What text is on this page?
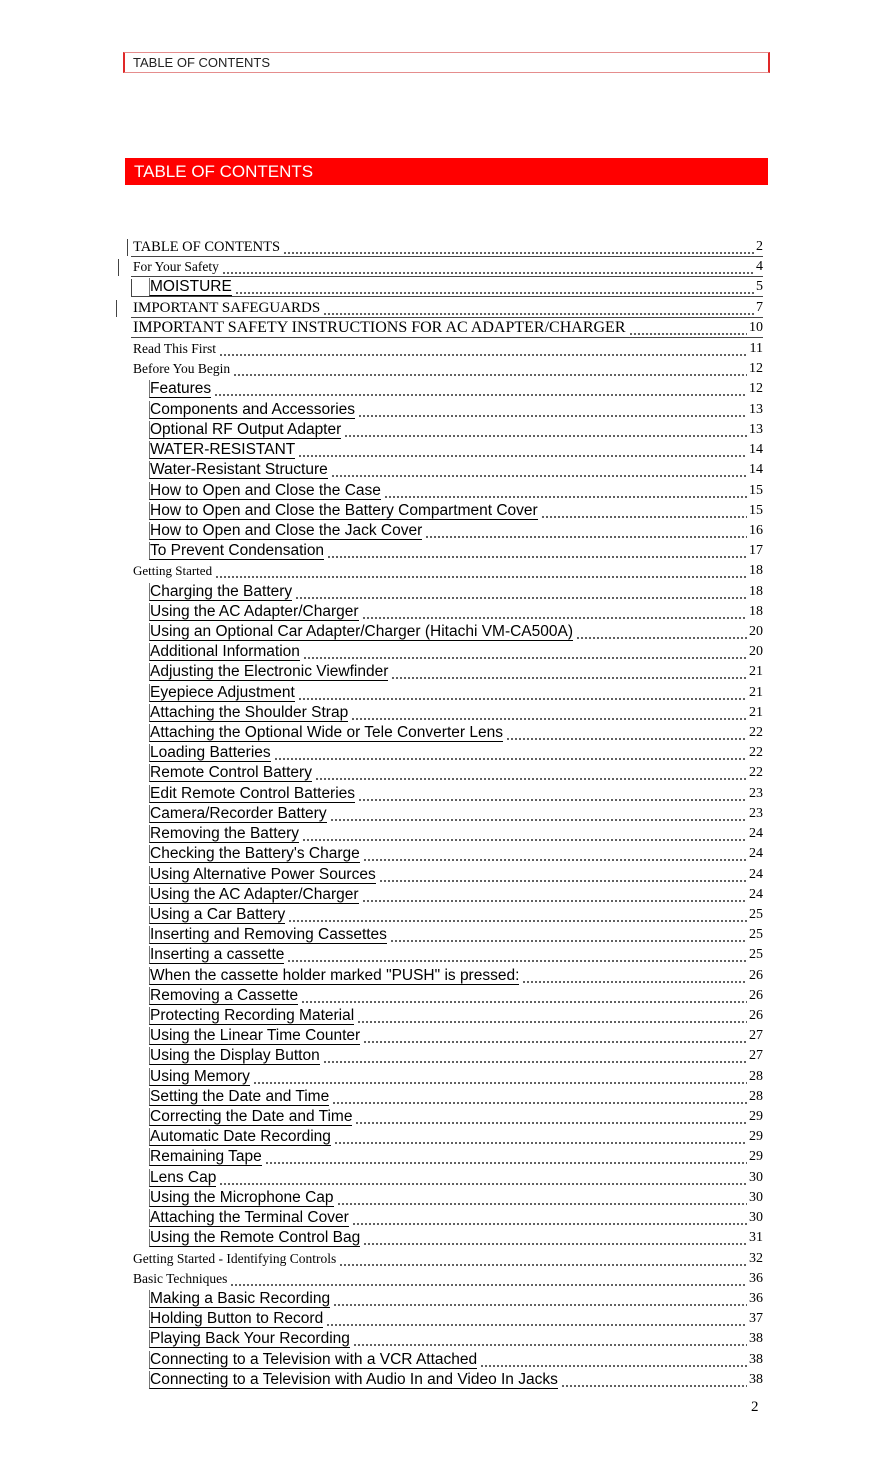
TABLE OF CONTENTS
TABLE OF CONTENTS
TABLE OF CONTENTS	2
For Your Safety	4
MOISTURE	5
IMPORTANT SAFEGUARDS	7
IMPORTANT SAFETY INSTRUCTIONS FOR AC ADAPTER/CHARGER	10
Read This First	11
Before You Begin	12
Features	12
Components and Accessories	13
Optional RF Output Adapter	13
WATER-RESISTANT	14
Water-Resistant Structure	14
How to Open and Close the Case	15
How to Open and Close the Battery Compartment Cover	15
How to Open and Close the Jack Cover	16
To Prevent Condensation	17
Getting Started	18
Charging the Battery	18
Using the AC Adapter/Charger	18
Using an Optional Car Adapter/Charger (Hitachi VM-CA500A)	20
Additional Information	20
Adjusting the Electronic Viewfinder	21
Eyepiece Adjustment	21
Attaching the Shoulder Strap	21
Attaching the Optional Wide or Tele Converter Lens	22
Loading Batteries	22
Remote Control Battery	22
Edit Remote Control Batteries	23
Camera/Recorder Battery	23
Removing the Battery	24
Checking the Battery's Charge	24
Using Alternative Power Sources	24
Using the AC Adapter/Charger	24
Using a Car Battery	25
Inserting and Removing Cassettes	25
Inserting a cassette	25
When the cassette holder marked "PUSH" is pressed:	26
Removing a Cassette	26
Protecting Recording Material	26
Using the Linear Time Counter	27
Using the Display Button	27
Using Memory	28
Setting the Date and Time	28
Correcting the Date and Time	29
Automatic Date Recording	29
Remaining Tape	29
Lens Cap	30
Using the Microphone Cap	30
Attaching the Terminal Cover	30
Using the Remote Control Bag	31
Getting Started - Identifying Controls	32
Basic Techniques	36
Making a Basic Recording	36
Holding Button to Record	37
Playing Back Your Recording	38
Connecting to a Television with a VCR Attached	38
Connecting to a Television with Audio In and Video In Jacks	38
2
